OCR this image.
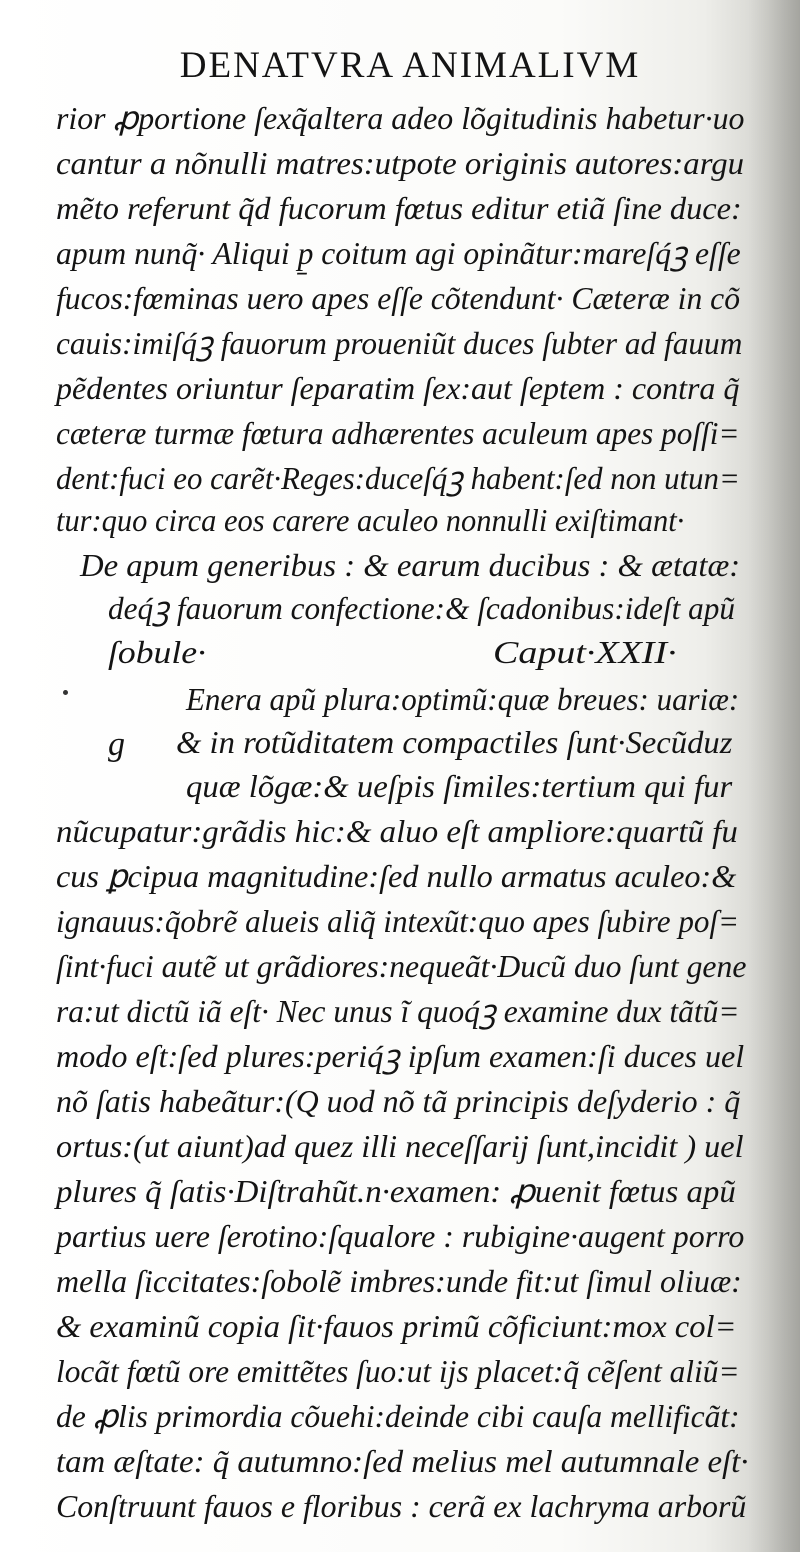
DENATVRA ANIMALIVM
g
rior ꝓportione ſexq̃altera adeo lõgitudinis habetur·uo
cantur a nõnulli matres:utpote originis autores:argu
mẽto referunt q̃d fucorum fœtus editur etiã ſine duce:
apum nunq̃· Aliqui p̱ coitum agi opinãtur:mareſq́ꝫ eſſe
fucos:fœminas uero apes eſſe cõtendunt· Cæteræ in cõ
cauis:imiſq́ꝫ fauorum proueniũt duces ſubter ad fauum
pẽdentes oriuntur ſeparatim ſex:aut ſeptem : contra q̃
cæteræ turmæ fœtura adhærentes aculeum apes poſſi=
dent:fuci eo carẽt·Reges:duceſq́ꝫ habent:ſed non utun=
tur:quo circa eos carere aculeo nonnulli exiſtimant·
De apum generibus : & earum ducibus : & ætatæ:
deq́ꝫ fauorum confectione:& ſcadonibus:ideſt apũ
ſobule·	Caput·XXII·
Enera apũ plura:optimũ:quæ breues: uariæ:
& in rotũditatem compactiles ſunt·Secũduz
quæ lõgæ:& ueſpis ſimiles:tertium qui fur
nũcupatur:grãdis hic:& aluo eſt ampliore:quartũ fu
cus ꝑcipua magnitudine:ſed nullo armatus aculeo:&
ignauus:q̃obrẽ alueis aliq̃ intexũt:quo apes ſubire poſ=
ſint·fuci autẽ ut grãdiores:nequeãt·Ducũ duo ſunt gene
ra:ut dictũ iã eſt· Nec unus ĩ quoq́ꝫ examine dux tãtũ=
modo eſt:ſed plures:periq́ꝫ ipſum examen:ſi duces uel
nõ ſatis habeãtur:(Q uod nõ tã principis deſyderio : q̃
ortus:(ut aiunt)ad quez illi neceſſarij ſunt,incidit ) uel
plures q̃ ſatis·Diſtrahũt.n·examen: ꝓuenit fœtus apũ
partius uere ſerotino:ſqualore : rubigine·augent porro
mella ſiccitates:ſobolẽ imbres:unde fit:ut ſimul oliuæ:
& examinũ copia ſit·fauos primũ cõficiunt:mox col=
locãt fœtũ ore emittẽtes ſuo:ut ijs placet:q̃ cẽſent aliũ=
de ꝓlis primordia cõuehi:deinde cibi cauſa mellificãt:
tam æſtate: q̃ autumno:ſed melius mel autumnale eſt·
Conſtruunt fauos e floribus : cerã ex lachryma arborũ
